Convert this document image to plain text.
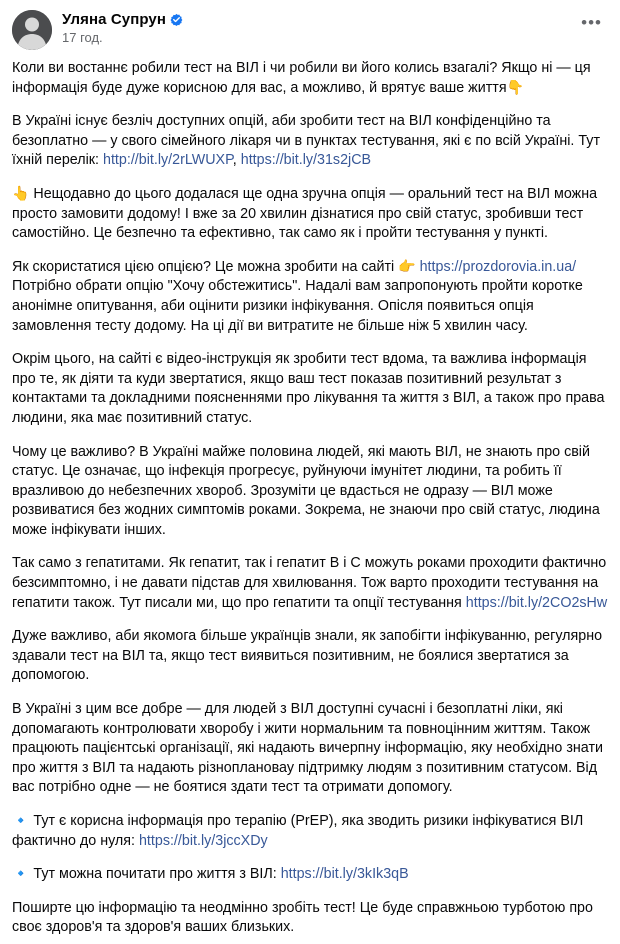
Уляна Супрун
17 год.
•••

Коли ви востаннє робили тест на ВІЛ і чи робили ви його колись взагалі? Якщо ні — ця інформація буде дуже корисною для вас, а можливо, й врятує ваше життя👇

В Україні існує безліч доступних опцій, аби зробити тест на ВІЛ конфіденційно та безоплатно — у свого сімейного лікаря чи в пунктах тестування, які є по всій Україні. Тут їхній перелік: http://bit.ly/2rLWUXP, https://bit.ly/31s2jCB

👆 Нещодавно до цього додалася ще одна зручна опція — оральний тест на ВІЛ можна просто замовити додому! І вже за 20 хвилин дізнатися про свій статус, зробивши тест самостійно. Це безпечно та ефективно, так само як і пройти тестування у пункті.

Як скористатися цією опцією? Це можна зробити на сайті 👉 https://prozdorovia.in.ua/ Потрібно обрати опцію "Хочу обстежитись". Надалі вам запропонують пройти коротке анонімне опитування, аби оцінити ризики інфікування. Опісля появиться опція замовлення тесту додому. На ці дії ви витратите не більше ніж 5 хвилин часу.

Окрім цього, на сайті є відео-інструкція як зробити тест вдома, та важлива інформація про те, як діяти та куди звертатися, якщо ваш тест показав позитивний результат з контактами та докладними поясненнями про лікування та життя з ВІЛ, а також про права людини, яка має позитивний статус.

Чому це важливо? В Україні майже половина людей, які мають ВІЛ, не знають про свій статус. Це означає, що інфекція прогресує, руйнуючи імунітет людини, та робить її вразливою до небезпечних хвороб. Зрозуміти це вдасться не одразу — ВІЛ може розвиватися без жодних симптомів роками. Зокрема, не знаючи про свій статус, людина може інфікувати інших.

Так само з гепатитами. Як гепатит, так і гепатит В і С можуть роками проходити фактично безсимптомно, і не давати підстав для хвилювання. Тож варто проходити тестування на гепатити також. Тут писали ми, що про гепатити та опції тестування https://bit.ly/2CO2sHw

Дуже важливо, аби якомога більше українців знали, як запобігти інфікуванню, регулярно здавали тест на ВІЛ та, якщо тест виявиться позитивним, не боялися звертатися за допомогою.

В Україні з цим все добре — для людей з ВІЛ доступні сучасні і безоплатні ліки, які допомагають контролювати хворобу і жити нормальним та повноцінним життям. Також працюють пацієнтські організації, які надають вичерпну інформацію, яку необхідно знати про життя з ВІЛ та надають різноплановау підтримку людям з позитивним статусом. Від вас потрібно одне — не боятися здати тест та отримати допомогу.

🔹 Тут є корисна інформація про терапію (PrEP), яка зводить ризики інфікуватися ВІЛ фактично до нуля: https://bit.ly/3jccXDy

🔹 Тут можна почитати про життя з ВІЛ: https://bit.ly/3kIk3qB

Поширте цю інформацію та неодмінно зробіть тест! Це буде справжньою турботою про своє здоров'я та здоров'я ваших близьких.
